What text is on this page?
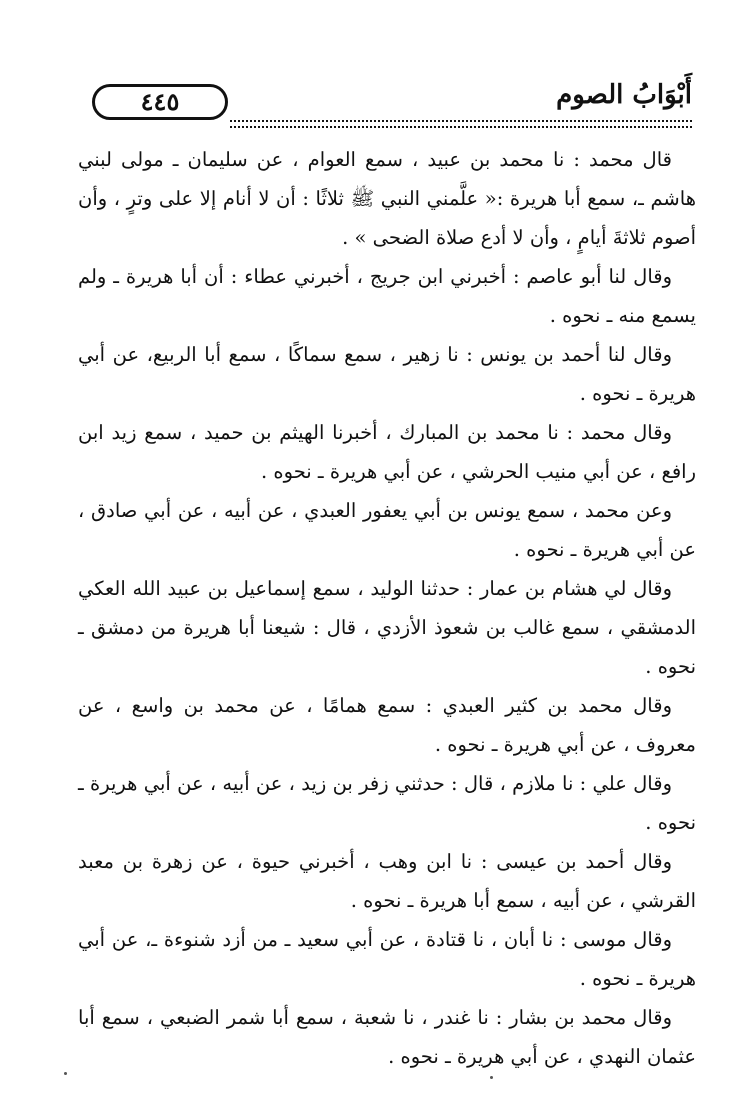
٤٤٥	أَبْوَابُ الصوم

قال محمد : نا محمد بن عبيد ، سمع العوام ، عن سليمان ـ مولى لبني هاشم ـ، سمع أبا هريرة :« علَّمني النبي ﷺ ثلاثًا : أن لا أنام إلا على وترٍ ، وأن أصوم ثلاثةَ أيامٍ ، وأن لا أدع صلاة الضحى » .

وقال لنا أبو عاصم : أخبرني ابن جريج ، أخبرني عطاء : أن أبا هريرة ـ ولم يسمع منه ـ نحوه .

وقال لنا أحمد بن يونس : نا زهير ، سمع سماكًا ، سمع أبا الربيع، عن أبي هريرة ـ نحوه .

وقال محمد : نا محمد بن المبارك ، أخبرنا الهيثم بن حميد ، سمع زيد ابن رافع ، عن أبي منيب الحرشي ، عن أبي هريرة ـ نحوه .

وعن محمد ، سمع يونس بن أبي يعفور العبدي ، عن أبيه ، عن أبي صادق ، عن أبي هريرة ـ نحوه .

وقال لي هشام بن عمار : حدثنا الوليد ، سمع إسماعيل بن عبيد الله العكي الدمشقي ، سمع غالب بن شعوذ الأزدي ، قال : شيعنا أبا هريرة من دمشق ـ نحوه .

وقال محمد بن كثير العبدي : سمع همامًا ، عن محمد بن واسع ، عن معروف ، عن أبي هريرة ـ نحوه .

وقال علي : نا ملازم ، قال : حدثني زفر بن زيد ، عن أبيه ، عن أبي هريرة ـ نحوه .

وقال أحمد بن عيسى : نا ابن وهب ، أخبرني حيوة ، عن زهرة بن معبد القرشي ، عن أبيه ، سمع أبا هريرة ـ نحوه .

وقال موسى : نا أبان ، نا قتادة ، عن أبي سعيد ـ من أزد شنوءة ـ، عن أبي هريرة ـ نحوه .

وقال محمد بن بشار : نا غندر ، نا شعبة ، سمع أبا شمر الضبعي ، سمع أبا عثمان النهدي ، عن أبي هريرة ـ نحوه .
